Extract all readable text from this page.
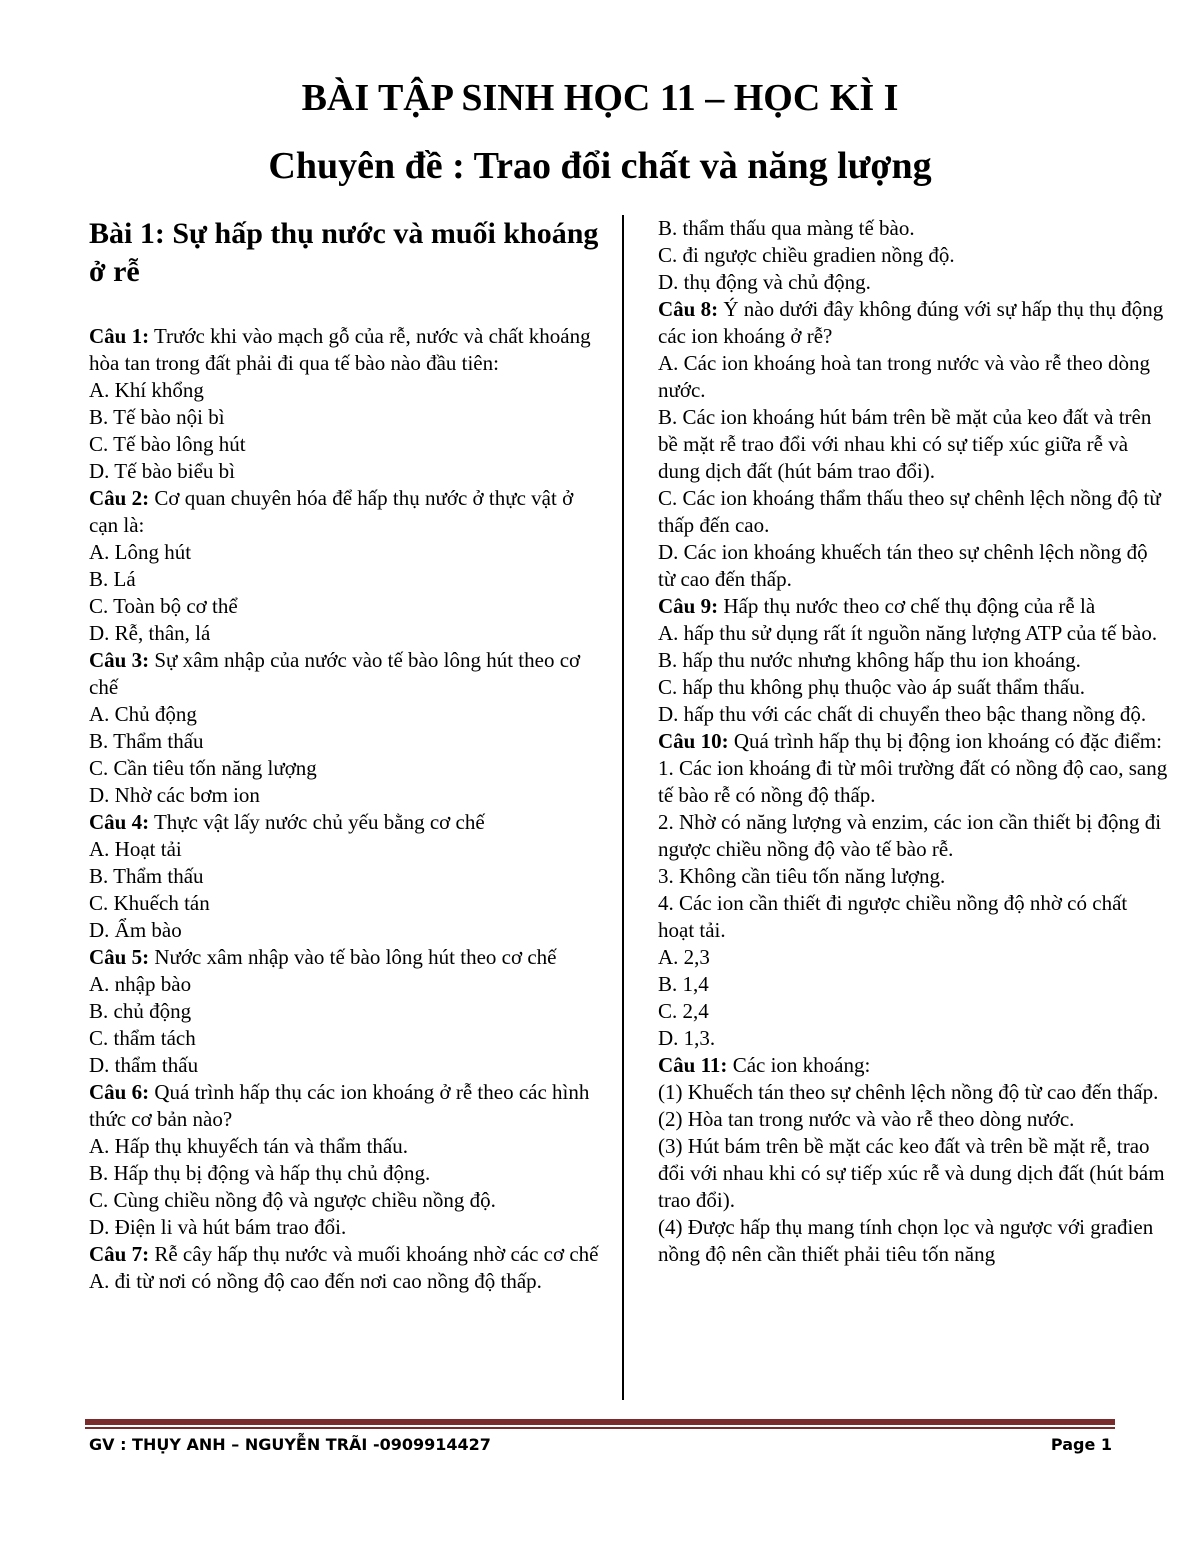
BÀI TẬP SINH HỌC 11 – HỌC KÌ I
Chuyên đề : Trao đổi chất và năng lượng
Bài 1: Sự hấp thụ nước và muối khoáng ở rễ

Câu 1: Trước khi vào mạch gỗ của rễ, nước và chất khoáng hòa tan trong đất phải đi qua tế bào nào đầu tiên:

A. Khí khổng

B. Tế bào nội bì

C. Tế bào lông hút

D. Tế bào biểu bì

Câu 2: Cơ quan chuyên hóa để hấp thụ nước ở thực vật ở cạn là:

A. Lông hút

B. Lá

C. Toàn bộ cơ thể

D. Rễ, thân, lá

Câu 3: Sự xâm nhập của nước vào tế bào lông hút theo cơ chế

A. Chủ động

B. Thẩm thấu

C. Cần tiêu tốn năng lượng

D. Nhờ các bơm ion

Câu 4: Thực vật lấy nước chủ yếu bằng cơ chế

A. Hoạt tải

B. Thẩm thấu

C. Khuếch tán

D. Ẩm bào

Câu 5: Nước xâm nhập vào tế bào lông hút theo cơ chế

A. nhập bào

B. chủ động

C. thẩm tách

D. thẩm thấu

Câu 6: Quá trình hấp thụ các ion khoáng ở rễ theo các hình thức cơ bản nào?

A. Hấp thụ khuyếch tán và thẩm thấu.

B. Hấp thụ bị động và hấp thụ chủ động.

C. Cùng chiều nồng độ và ngược chiều nồng độ.

D. Điện li và hút bám trao đổi.

Câu 7: Rễ cây hấp thụ nước và muối khoáng nhờ các cơ chế

A. đi từ nơi có nồng độ cao đến nơi cao nồng độ thấp.

B. thẩm thấu qua màng tế bào.

C. đi ngược chiều gradien nồng độ.

D. thụ động và chủ động.

Câu 8: Ý nào dưới đây không đúng với sự hấp thụ thụ động các ion khoáng ở rễ?

A. Các ion khoáng hoà tan trong nước và vào rễ theo dòng nước.

B. Các ion khoáng hút bám trên bề mặt của keo đất và trên bề mặt rễ trao đổi với nhau khi có sự tiếp xúc giữa rễ và dung dịch đất (hút bám trao đổi).

C. Các ion khoáng thẩm thấu theo sự chênh lệch nồng độ từ thấp đến cao.

D. Các ion khoáng khuếch tán theo sự chênh lệch nồng độ từ cao đến thấp.

Câu 9: Hấp thụ nước theo cơ chế thụ động của rễ là

A. hấp thu sử dụng rất ít nguồn năng lượng ATP của tế bào.

B. hấp thu nước nhưng không hấp thu ion khoáng.

C. hấp thu không phụ thuộc vào áp suất thẩm thấu.

D. hấp thu với các chất di chuyển theo bậc thang nồng độ.

Câu 10: Quá trình hấp thụ bị động ion khoáng có đặc điểm:

1. Các ion khoáng đi từ môi trường đất có nồng độ cao, sang tế bào rễ có nồng độ thấp.

2. Nhờ có năng lượng và enzim, các ion cần thiết bị động đi ngược chiều nồng độ vào tế bào rễ.

3. Không cần tiêu tốn năng lượng.

4. Các ion cần thiết đi ngược chiều nồng độ nhờ có chất hoạt tải.

A. 2,3

B. 1,4

C. 2,4

D. 1,3.

Câu 11: Các ion khoáng:

(1) Khuếch tán theo sự chênh lệch nồng độ từ cao đến thấp.

(2) Hòa tan trong nước và vào rễ theo dòng nước.

(3) Hút bám trên bề mặt các keo đất và trên bề mặt rễ, trao đổi với nhau khi có sự tiếp xúc rễ và dung dịch đất (hút bám trao đổi).

(4) Được hấp thụ mang tính chọn lọc và ngược với građien nồng độ nên cần thiết phải tiêu tốn năng

GV : THỤY ANH – NGUYỄN TRÃI -0909914427	Page 1
